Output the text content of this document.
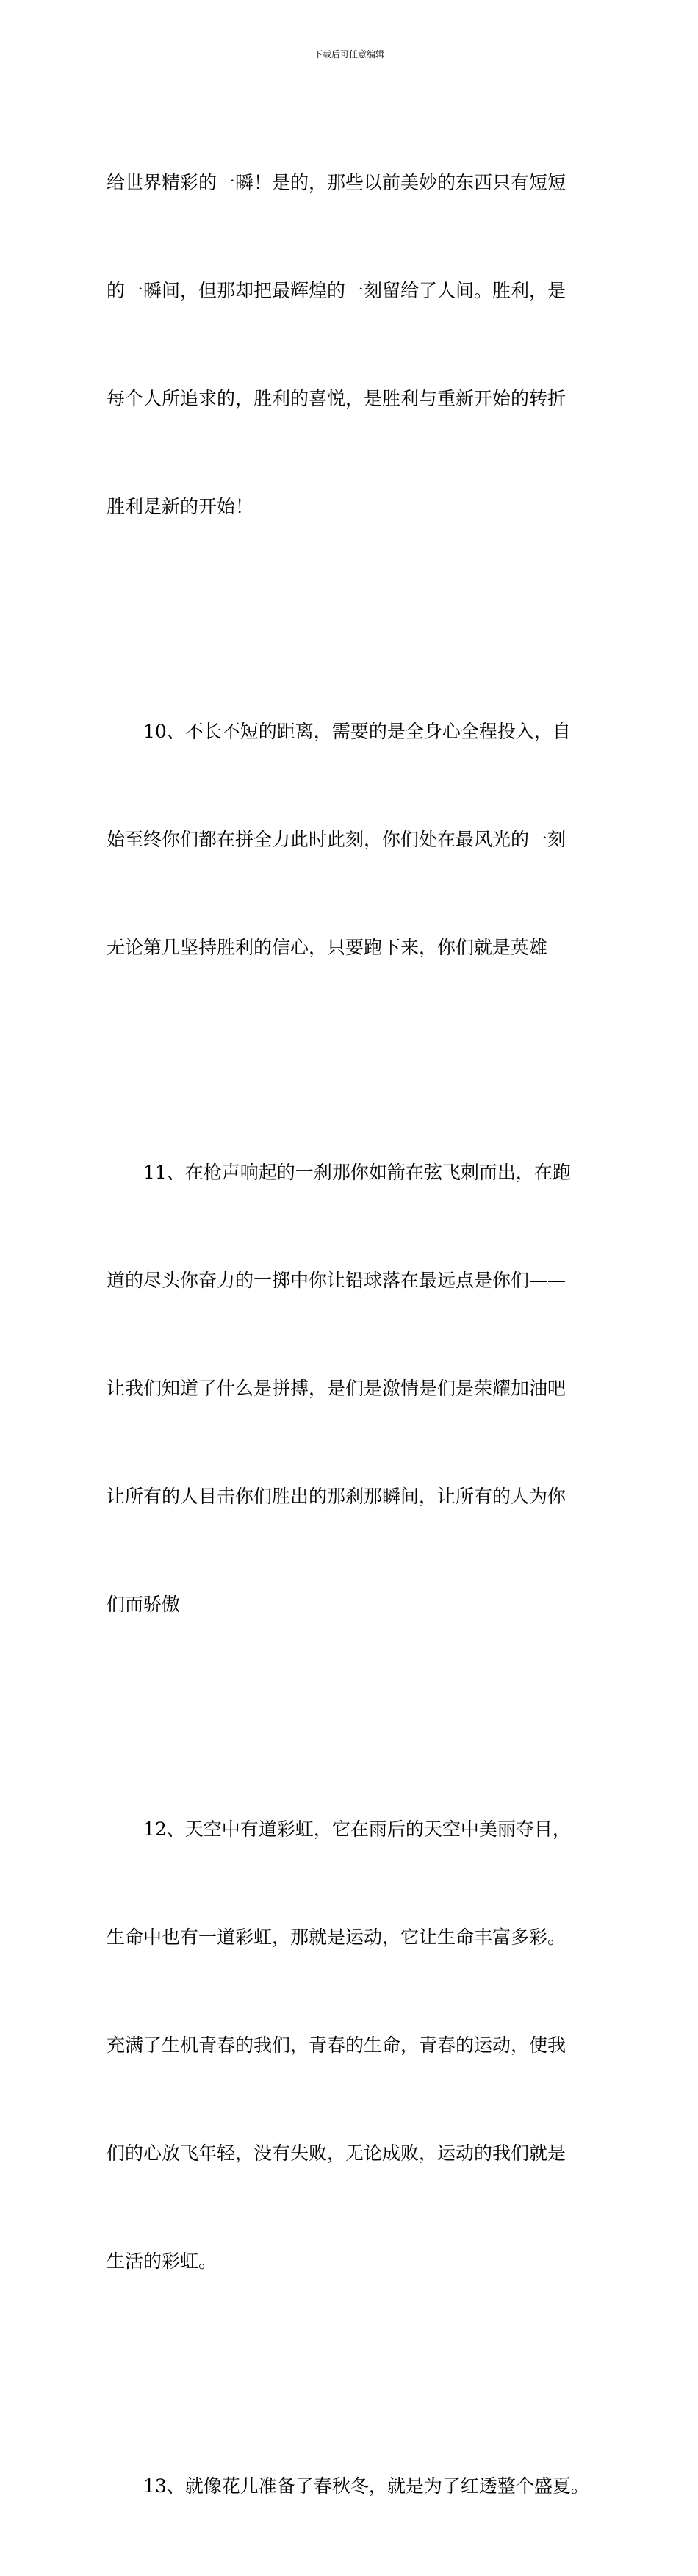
下载后可任意编辑

给世界精彩的一瞬！是的，那些以前美妙的东西只有短短

的一瞬间，但那却把最辉煌的一刻留给了人间。胜利，是

每个人所追求的，胜利的喜悦，是胜利与重新开始的转折

胜利是新的开始！

　　10、不长不短的距离，需要的是全身心全程投入，自

始至终你们都在拼全力此时此刻，你们处在最风光的一刻

无论第几坚持胜利的信心，只要跑下来，你们就是英雄

　　11、在枪声响起的一刹那你如箭在弦飞刺而出，在跑

道的尽头你奋力的一掷中你让铅球落在最远点是你们——

让我们知道了什么是拼搏，是们是激情是们是荣耀加油吧

让所有的人目击你们胜出的那刹那瞬间，让所有的人为你

们而骄傲

　　12、天空中有道彩虹，它在雨后的天空中美丽夺目，

生命中也有一道彩虹，那就是运动，它让生命丰富多彩。

充满了生机青春的我们，青春的生命，青春的运动，使我

们的心放飞年轻，没有失败，无论成败，运动的我们就是

生活的彩虹。

　　13、就像花儿准备了春秋冬，就是为了红透整个盛夏。
